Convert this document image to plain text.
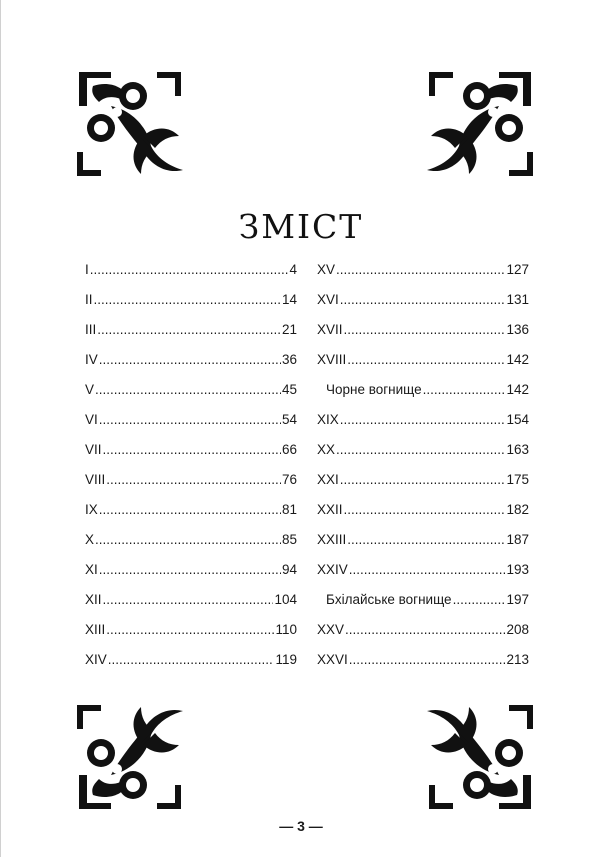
ЗМІСТ
I .....	4
II .....	14
III .....	21
IV .....	36
V .....	45
VI .....	54
VII .....	66
VIII .....	76
IX .....	81
X .....	85
XI .....	94
XII .....	104
XIII .....	110
XIV .....	119
XV .....	127
XVI .....	131
XVII .....	136
XVIII .....	142
Чорне вогнище .....	142
XIX .....	154
XX .....	163
XXI .....	175
XXII .....	182
XXIII .....	187
XXIV .....	193
Бхілайське вогнище .....	197
XXV .....	208
XXVI .....	213
— 3 —
